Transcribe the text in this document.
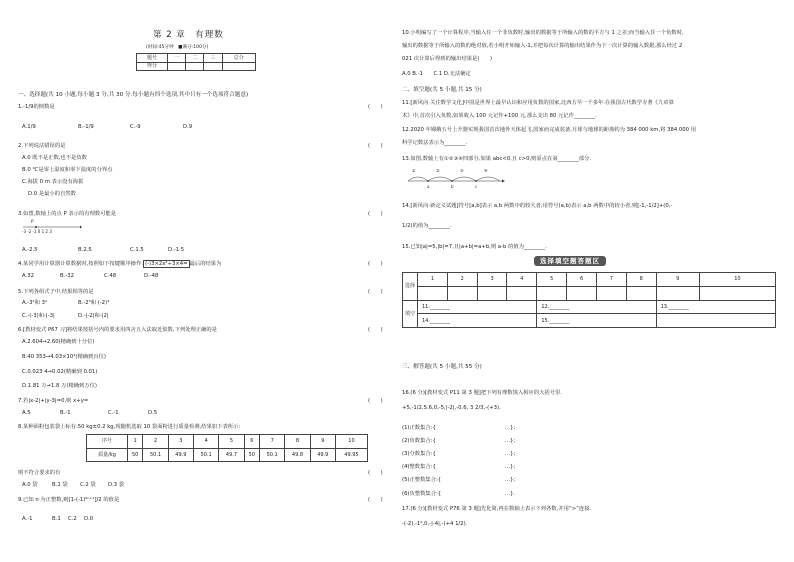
第 2 章　有理数
(时间:45分钟　■满分:100分)
题号	一	二	三	总分
得分				
一、选择题(共 10 小题,每小题 3 分,共 30 分.每小题有四个选项,其中只有一个选项符合题意)
1.-1/9的倒数是	(　　)
A.1/9	B.-1/9	C.-9	D.9
2.下列说法错误的是	(　　)
A.0 既不是正数,也不是负数
B.0 ℃是零上温度和零下温度的分界点
C.海拔 0 m 表示没有海拔
D.0 是最小的自然数
3.如图,数轴上的点 P 表示的有理数可能是	(　　)
P
-3 -2 -1 0 1 2 3
A.-2.5	B.2.5	C.1.5	D.-1.5
4.某同学用计算器计算数据时,按照如下按键顺序操作: (-)3×2x²÷3×4= 最后的结果为	(　　)
A.32	B.-32	C.48	D.-48
5.下列各组式子中,结果相等的是	(　　)
A.-3²和 3²	B.-2³和 (-2)³
C.-(-3)和-|-3|	D.-|-2|和-|2|
6.[教材变式 P67 习]将结果按括号内的要求用四舍五入法取近似数,下列处理正确的是	(　　)
A.2.604→2.60(精确到十分位)
B.40 353→4.03×10⁴(精确到百位)
C.0.023 4→0.02(精确到 0.01)
D.1.81 万→1.8 万(精确到万位)
7.若|x-2|+|y-3|=0,则 x+y=	(　　)
A.5	B.-1	C.-1	D.5
8.某种面粉包装袋上标有:50 kg±0.2 kg,现随机选取 10 袋面粉进行质量检测,结果如下表所示:
序号	1	2	3	4	5	6	7	8	9	10
质量/kg	50	50.1	49.9	50.1	49.7	50	50.1	49.8	49.9	49.95
则不符合要求的有	(　　)
A.0 袋	B.1 袋 C.2 袋 D.3 袋
9.已知 n 为正整数,则[1-(-1)²ⁿ⁺¹]/2 的值是	(　　)
A.-1	B.1 C.2 D.0
10.小明编写了一个计算程序,当输入任一个非负数时,输出的数据等于所输入的数的平方与 1 之差;而当输入任一个负数时,
输出的数据等于所输入的数的绝对值,若小明开始输入-1,并把每次计算的输出结果作为下一次计算的输入数据,那么经过 2
021 次计算后得到的输出结果是(　　)
A.0 B.-1　　C.1 D.无法确定
二、填空题(共 5 小题,共 15 分)
11.[新风向·关注数学文化]中国是世界上最早认识和应用负数的国家,比西方早一千多年.在我国古代数学专著《九章算
术》中,首次引入负数,如果收入 100 元记作+100 元,那么支出 80 元记作________.
12.2020 年嫦娥五号上升器实现我国首次地外天体起飞,国家而完成装备,月球与地球的距离约为 384 000 km,将 384 000 用
科学记数法表示为________.
13.如图,数轴上有①②③④四部分,如果 abc<0,且 c>0,则原点在第________部分.
①	②	③	④
a	b	c
14.[新风向·新定义试题]符号[a,b]表示 a,b 两数中的较大者,用符号(a,b)表示 a,b 两数中的较小者,则[-1,-1/2]+(0,-
1/2)的值为________.
15.已知|a|=5,|b|=7,且|a+b|=a+b,则 a-b 的值为________.
选择填空题答题区
选择	1	2	3	4	5	6	7	8	9	10

填空	11.________				12.________				13.________	
	14.________				15.________					
三、解答题(共 5 小题,共 55 分)
16.(6 分)[教材变式 P11 第 3 题]把下列有理数填入相应的大括号里.
+5,-1/2,5.6,0,-5,|-2|,-0.6, 3 2/3,-(+3).
(1)正数集合:{　　　　　　　　　　　　　…};
(2)负数集合:{　　　　　　　　　　　　　…};
(3)分数集合:{　　　　　　　　　　　　　…};
(4)整数集合:{　　　　　　　　　　　　　…};
(5)正整数集合:{　　　　　　　　　　　　…};
(6)负整数集合:{　　　　　　　　　　　　…}.
17.(6 分)[教材变式 P76 第 3 题]先化简,再在数轴上表示下列各数,并用“>”连接.
-(-2),-1²,0,-|-4|,-(+4 1/2).
